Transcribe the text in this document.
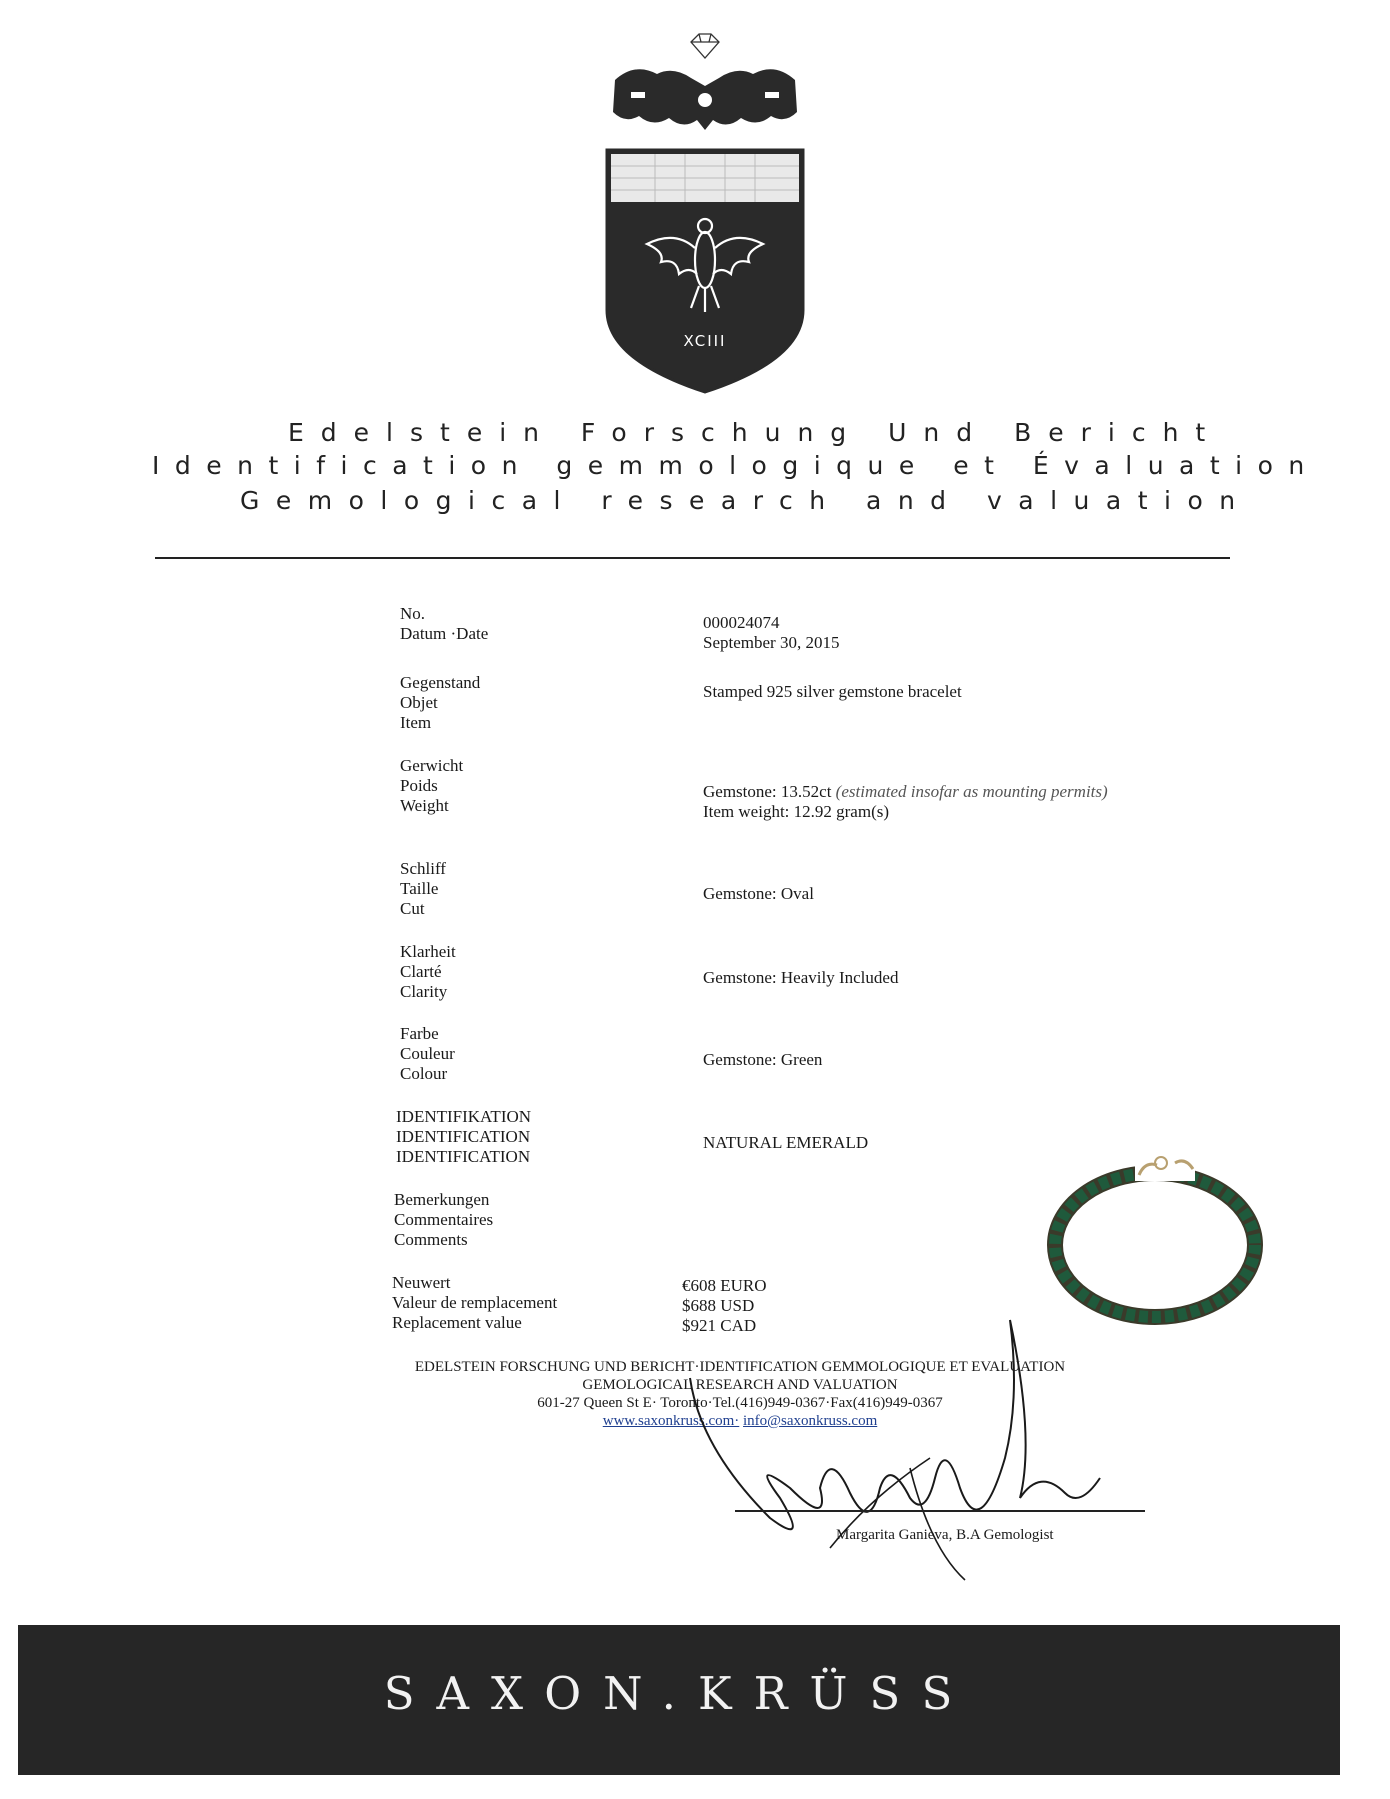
XCIII
Edelstein Forschung Und Bericht
Identification gemmologique et Évaluation
Gemological research and valuation
No.
Datum ·Date
000024074
September 30, 2015
Gegenstand
Objet
Item
Stamped 925 silver gemstone bracelet
Gerwicht
Poids
Weight
Gemstone: 13.52ct (estimated insofar as mounting permits)
Item weight: 12.92 gram(s)
Schliff
Taille
Cut
Gemstone: Oval
Klarheit
Clarté
Clarity
Gemstone: Heavily Included
Farbe
Couleur
Colour
Gemstone: Green
IDENTIFIKATION
IDENTIFICATION
IDENTIFICATION
NATURAL EMERALD
Bemerkungen
Commentaires
Comments
Neuwert
Valeur de remplacement
Replacement value
€608 EURO
$688 USD
$921 CAD
EDELSTEIN FORSCHUNG UND BERICHT·IDENTIFICATION GEMMOLOGIQUE ET EVALUATION
GEMOLOGICAL RESEARCH AND VALUATION
601-27 Queen St E· Toronto·Tel.(416)949-0367·Fax(416)949-0367
www.saxonkruss.com· info@saxonkruss.com
Margarita Ganieva, B.A Gemologist
SAXON.KRÜSS
